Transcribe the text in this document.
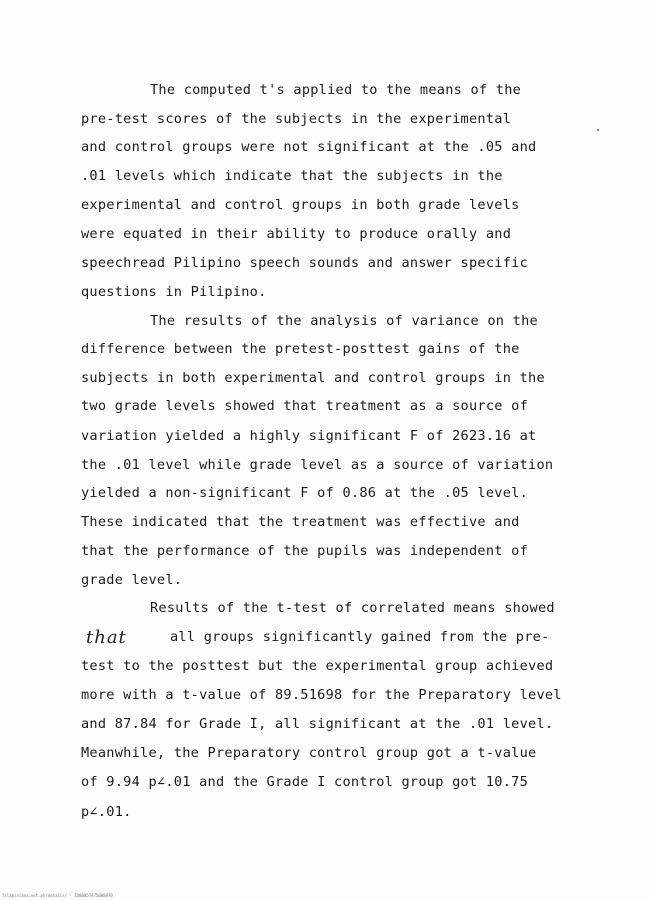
The computed t's applied to the means of the
pre-test scores of the subjects in the experimental
and control groups were not significant at the .05 and
.01 levels which indicate that the subjects in the
experimental and control groups in both grade levels
were equated in their ability to produce orally and
speechread Pilipino speech sounds and answer specific
questions in Pilipino.
The results of the analysis of variance on the
difference between the pretest-posttest gains of the
subjects in both experimental and control groups in the
two grade levels showed that treatment as a source of
variation yielded a highly significant F of 2623.16 at
the .01 level while grade level as a source of variation
yielded a non-significant F of 0.86 at the .05 level.
These indicated that the treatment was effective and
that the performance of the pupils was independent of
grade level.
Results of the t-test of correlated means showed
that	all groups significantly gained from the pre-
test to the posttest but the experimental group achieved
more with a t-value of 89.51698 for the Preparatory level
and 87.84 for Grade I, all significant at the .01 level.
Meanwhile, the Preparatory control group got a t-value
of 9.94 p∠.01 and the Grade I control group got 10.75
p∠.01.
filipiniana.net.ph/details/ · ID00057475000070
